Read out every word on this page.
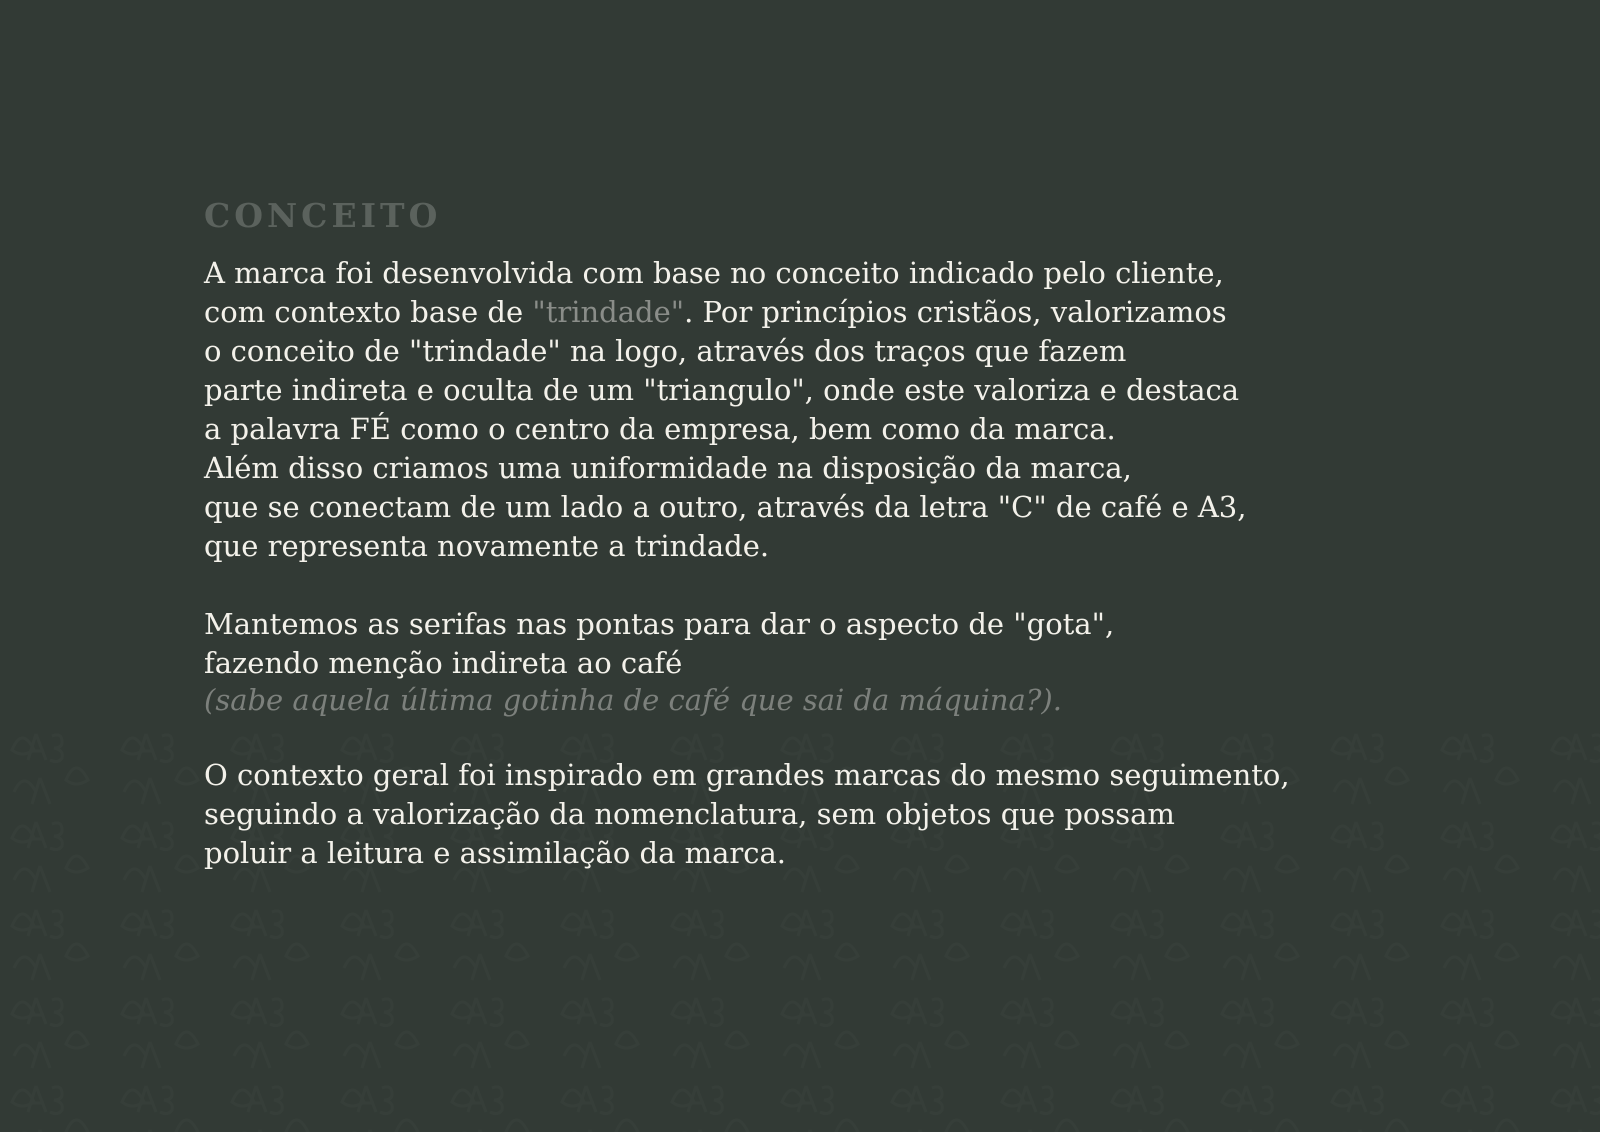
CONCEITO

A marca foi desenvolvida com base no conceito indicado pelo cliente,
com contexto base de "trindade". Por princípios cristãos, valorizamos
o conceito de "trindade" na logo, através dos traços que fazem
parte indireta e oculta de um "triangulo", onde este valoriza e destaca
a palavra FÉ como o centro da empresa, bem como da marca.
Além disso criamos uma uniformidade na disposição da marca,
que se conectam de um lado a outro, através da letra "C" de café e A3,
que representa novamente a trindade.

Mantemos as serifas nas pontas para dar o aspecto de "gota",
fazendo menção indireta ao café
(sabe aquela última gotinha de café que sai da máquina?).

O contexto geral foi inspirado em grandes marcas do mesmo seguimento,
seguindo a valorização da nomenclatura, sem objetos que possam
poluir a leitura e assimilação da marca.
